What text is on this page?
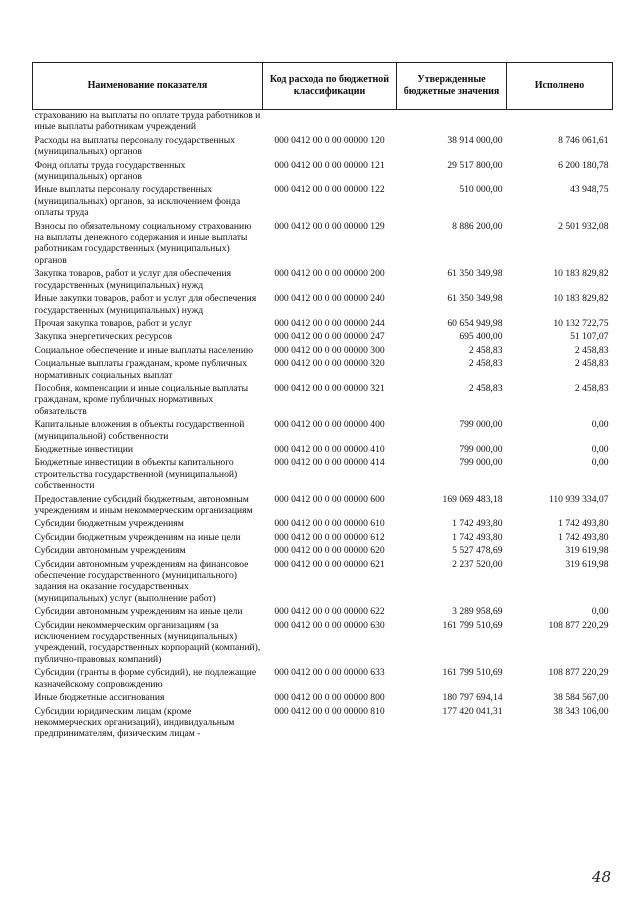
Наименование показателя	Код расхода по бюджетной классификации	Утвержденные бюджетные значения	Исполнено
страхованию на выплаты по оплате труда работников и иные выплаты работникам учреждений			
Расходы на выплаты персоналу государственных (муниципальных) органов	000 0412 00 0 00 00000 120	38 914 000,00	8 746 061,61
Фонд оплаты труда государственных (муниципальных) органов	000 0412 00 0 00 00000 121	29 517 800,00	6 200 180,78
Иные выплаты персоналу государственных (муниципальных) органов, за исключением фонда оплаты труда	000 0412 00 0 00 00000 122	510 000,00	43 948,75
Взносы по обязательному социальному страхованию на выплаты денежного содержания и иные выплаты работникам государственных (муниципальных) органов	000 0412 00 0 00 00000 129	8 886 200,00	2 501 932,08
Закупка товаров, работ и услуг для обеспечения государственных (муниципальных) нужд	000 0412 00 0 00 00000 200	61 350 349,98	10 183 829,82
Иные закупки товаров, работ и услуг для обеспечения государственных (муниципальных) нужд	000 0412 00 0 00 00000 240	61 350 349,98	10 183 829,82
Прочая закупка товаров, работ и услуг	000 0412 00 0 00 00000 244	60 654 949,98	10 132 722,75
Закупка энергетических ресурсов	000 0412 00 0 00 00000 247	695 400,00	51 107,07
Социальное обеспечение и иные выплаты населению	000 0412 00 0 00 00000 300	2 458,83	2 458,83
Социальные выплаты гражданам, кроме публичных нормативных социальных выплат	000 0412 00 0 00 00000 320	2 458,83	2 458,83
Пособия, компенсации и иные социальные выплаты гражданам, кроме публичных нормативных обязательств	000 0412 00 0 00 00000 321	2 458,83	2 458,83
Капитальные вложения в объекты государственной (муниципальной) собственности	000 0412 00 0 00 00000 400	799 000,00	0,00
Бюджетные инвестиции	000 0412 00 0 00 00000 410	799 000,00	0,00
Бюджетные инвестиции в объекты капитального строительства государственной (муниципальной) собственности	000 0412 00 0 00 00000 414	799 000,00	0,00
Предоставление субсидий бюджетным, автономным учреждениям и иным некоммерческим организациям	000 0412 00 0 00 00000 600	169 069 483,18	110 939 334,07
Субсидии бюджетным учреждениям	000 0412 00 0 00 00000 610	1 742 493,80	1 742 493,80
Субсидии бюджетным учреждениям на иные цели	000 0412 00 0 00 00000 612	1 742 493,80	1 742 493,80
Субсидии автономным учреждениям	000 0412 00 0 00 00000 620	5 527 478,69	319 619,98
Субсидии автономным учреждениям на финансовое обеспечение государственного (муниципального) задания на оказание государственных (муниципальных) услуг (выполнение работ)	000 0412 00 0 00 00000 621	2 237 520,00	319 619,98
Субсидии автономным учреждениям на иные цели	000 0412 00 0 00 00000 622	3 289 958,69	0,00
Субсидии некоммерческим организациям (за исключением государственных (муниципальных) учреждений, государственных корпораций (компаний), публично-правовых компаний)	000 0412 00 0 00 00000 630	161 799 510,69	108 877 220,29
Субсидии (гранты в форме субсидий), не подлежащие казначейскому сопровождению	000 0412 00 0 00 00000 633	161 799 510,69	108 877 220,29
Иные бюджетные ассигнования	000 0412 00 0 00 00000 800	180 797 694,14	38 584 567,00
Субсидии юридическим лицам (кроме некоммерческих организаций), индивидуальным предпринимателям, физическим лицам -	000 0412 00 0 00 00000 810	177 420 041,31	38 343 106,00
48
